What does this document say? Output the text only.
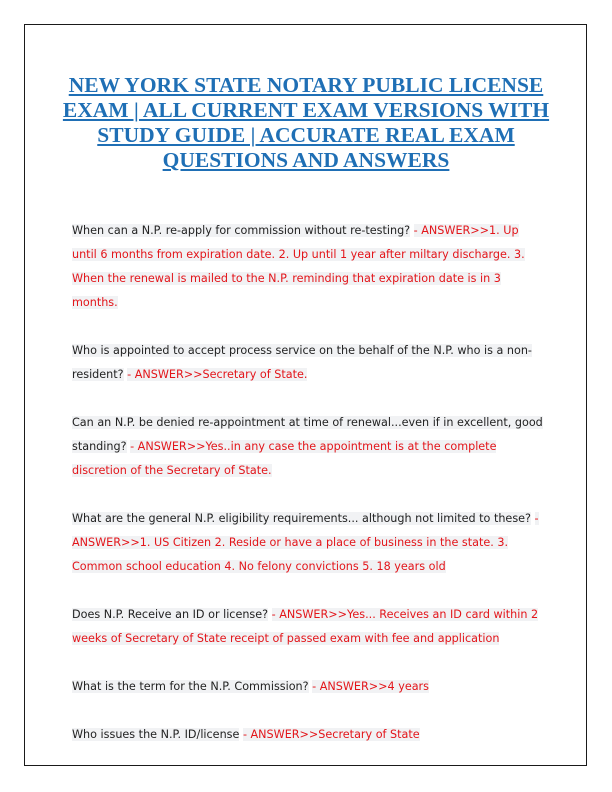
NEW YORK STATE NOTARY PUBLIC LICENSE EXAM | ALL CURRENT EXAM VERSIONS WITH STUDY GUIDE | ACCURATE REAL EXAM QUESTIONS AND ANSWERS

When can a N.P. re-apply for commission without re-testing? - ANSWER>>1. Up until 6 months from expiration date. 2. Up until 1 year after miltary discharge. 3. When the renewal is mailed to the N.P. reminding that expiration date is in 3 months.

Who is appointed to accept process service on the behalf of the N.P. who is a non- resident? - ANSWER>>Secretary of State.

Can an N.P. be denied re-appointment at time of renewal...even if in excellent, good standing? - ANSWER>>Yes..in any case the appointment is at the complete discretion of the Secretary of State.

What are the general N.P. eligibility requirements... although not limited to these? - ANSWER>>1. US Citizen 2. Reside or have a place of business in the state. 3. Common school education 4. No felony convictions 5. 18 years old

Does N.P. Receive an ID or license? - ANSWER>>Yes... Receives an ID card within 2 weeks of Secretary of State receipt of passed exam with fee and application

What is the term for the N.P. Commission? - ANSWER>>4 years

Who issues the N.P. ID/license - ANSWER>>Secretary of State
